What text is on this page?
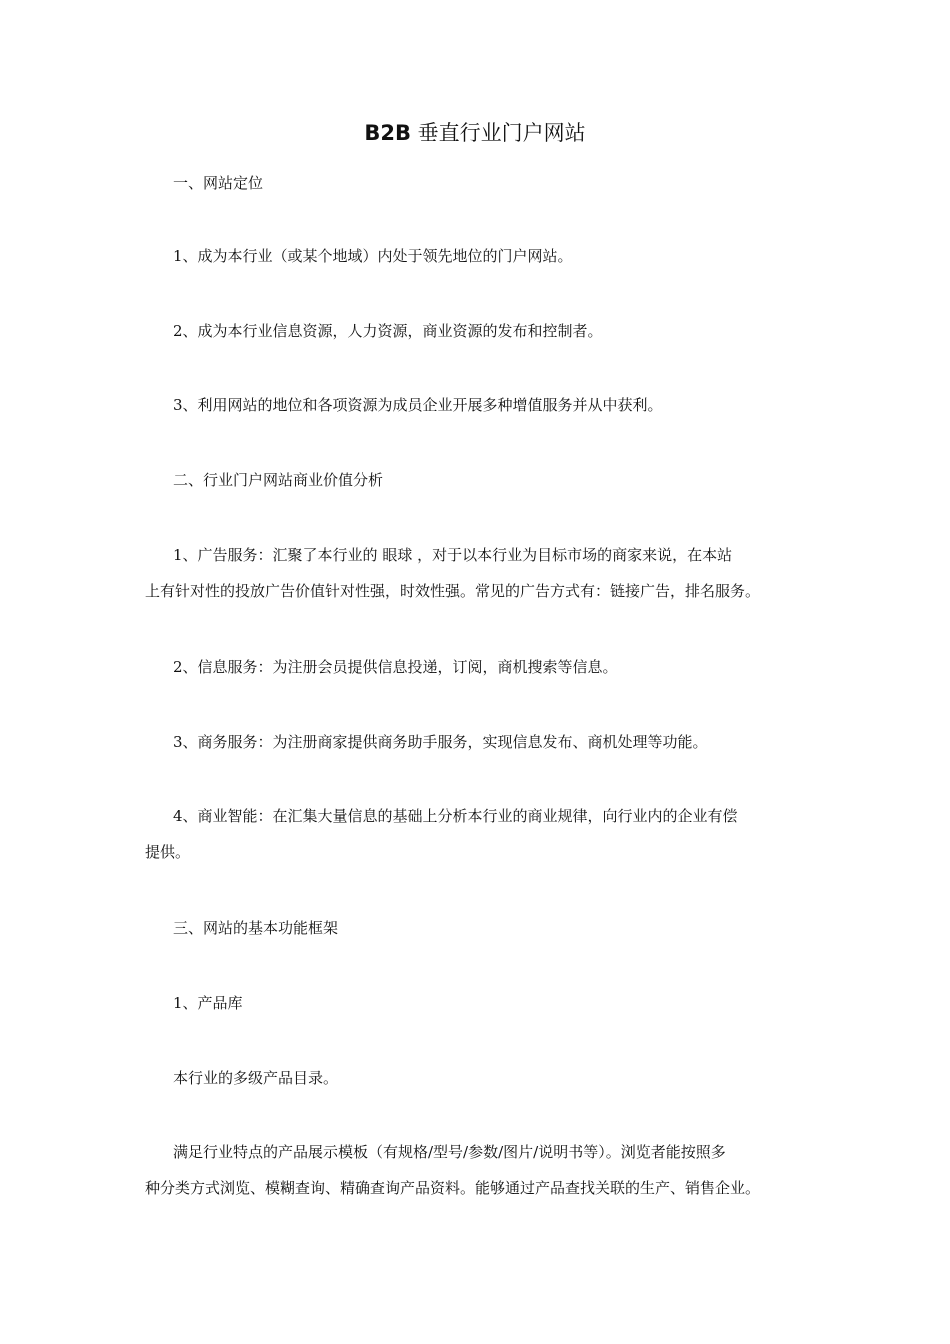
B2B 垂直行业门户网站
一、网站定位
1、成为本行业（或某个地域）内处于领先地位的门户网站。
2、成为本行业信息资源，人力资源，商业资源的发布和控制者。
3、利用网站的地位和各项资源为成员企业开展多种增值服务并从中获利。
二、行业门户网站商业价值分析
1、广告服务：汇聚了本行业的 眼球 ，对于以本行业为目标市场的商家来说，在本站
上有针对性的投放广告价值针对性强，时效性强。常见的广告方式有：链接广告，排名服务。
2、信息服务：为注册会员提供信息投递，订阅，商机搜索等信息。
3、商务服务：为注册商家提供商务助手服务，实现信息发布、商机处理等功能。
4、商业智能：在汇集大量信息的基础上分析本行业的商业规律，向行业内的企业有偿
提供。
三、网站的基本功能框架
1、产品库
本行业的多级产品目录。
满足行业特点的产品展示模板（有规格/型号/参数/图片/说明书等）。浏览者能按照多
种分类方式浏览、模糊查询、精确查询产品资料。能够通过产品查找关联的生产、销售企业。
